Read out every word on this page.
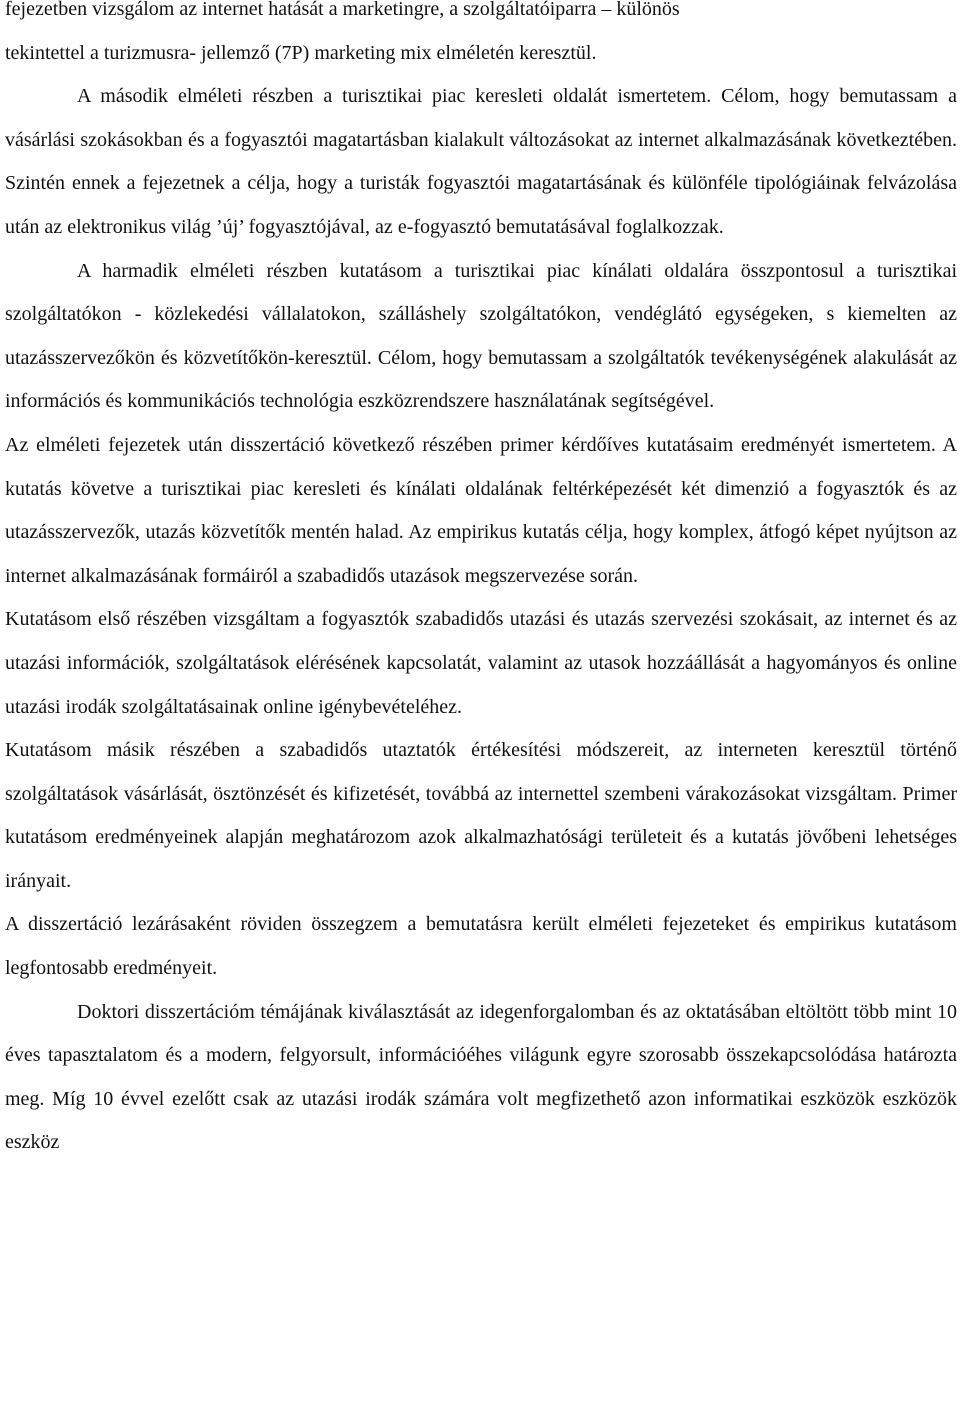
fejezetben vizsgálom az internet hatását a marketingre, a szolgáltatóiparra – különös
tekintettel a turizmusra- jellemző (7P) marketing mix elméletén keresztül.

A második elméleti részben a turisztikai piac keresleti oldalát ismertetem. Célom, hogy bemutassam a vásárlási szokásokban és a fogyasztói magatartásban kialakult változásokat az internet alkalmazásának következtében. Szintén ennek a fejezetnek a célja, hogy a turisták fogyasztói magatartásának és különféle tipológiáinak felvázolása után az elektronikus világ ’új’ fogyasztójával, az e-fogyasztó bemutatásával foglalkozzak.

A harmadik elméleti részben kutatásom a turisztikai piac kínálati oldalára összpontosul a turisztikai szolgáltatókon - közlekedési vállalatokon, szálláshely szolgáltatókon, vendéglátó egységeken, s kiemelten az utazásszervezőkön és közvetítőkön-keresztül. Célom, hogy bemutassam a szolgáltatók tevékenységének alakulását az információs és kommunikációs technológia eszközrendszere használatának segítségével.

Az elméleti fejezetek után disszertáció következő részében primer kérdőíves kutatásaim eredményét ismertetem. A kutatás követve a turisztikai piac keresleti és kínálati oldalának feltérképezését két dimenzió a fogyasztók és az utazásszervezők, utazás közvetítők mentén halad. Az empirikus kutatás célja, hogy komplex, átfogó képet nyújtson az internet alkalmazásának formáiról a szabadidős utazások megszervezése során.

Kutatásom első részében vizsgáltam a fogyasztók szabadidős utazási és utazás szervezési szokásait, az internet és az utazási információk, szolgáltatások elérésének kapcsolatát, valamint az utasok hozzáállását a hagyományos és online utazási irodák szolgáltatásainak online igénybevételéhez.

Kutatásom másik részében a szabadidős utaztatók értékesítési módszereit, az interneten keresztül történő szolgáltatások vásárlását, ösztönzését és kifizetését, továbbá az internettel szembeni várakozásokat vizsgáltam. Primer kutatásom eredményeinek alapján meghatározom azok alkalmazhatósági területeit és a kutatás jövőbeni lehetséges irányait.

A disszertáció lezárásaként röviden összegzem a bemutatásra került elméleti fejezeteket és empirikus kutatásom legfontosabb eredményeit.

Doktori disszertációm témájának kiválasztását az idegenforgalomban és az oktatásában eltöltött több mint 10 éves tapasztalatom és a modern, felgyorsult, információéhes világunk egyre szorosabb összekapcsolódása határozta meg. Míg 10 évvel ezelőtt csak az utazási irodák számára volt megfizethető azon informatikai eszközök eszközök eszköz
